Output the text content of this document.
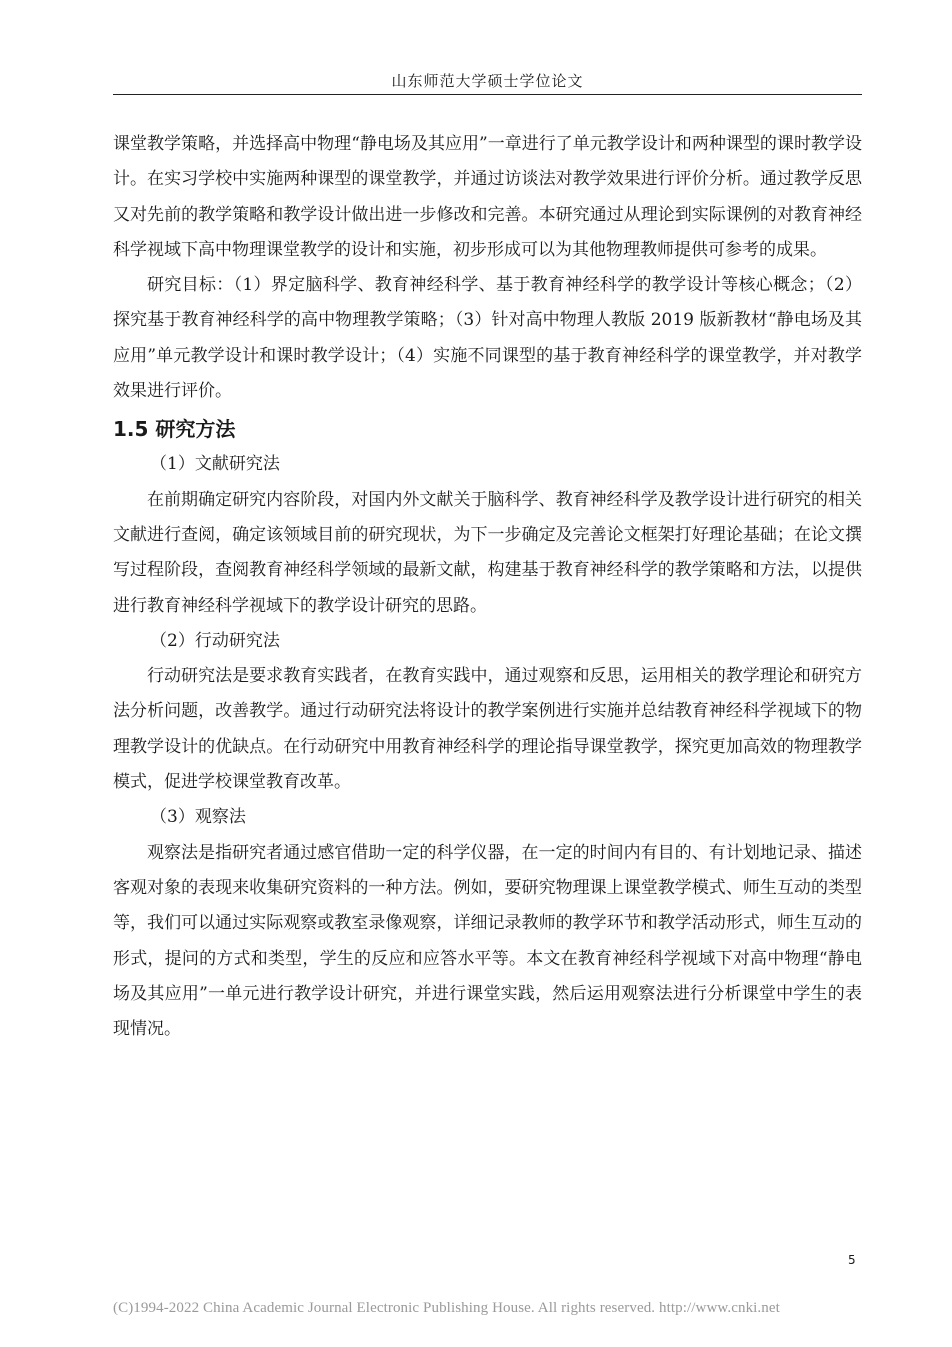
山东师范大学硕士学位论文

课堂教学策略，并选择高中物理“静电场及其应用”一章进行了单元教学设计和两种课型的课时教学设计。在实习学校中实施两种课型的课堂教学，并通过访谈法对教学效果进行评价分析。通过教学反思又对先前的教学策略和教学设计做出进一步修改和完善。本研究通过从理论到实际课例的对教育神经科学视域下高中物理课堂教学的设计和实施，初步形成可以为其他物理教师提供可参考的成果。

研究目标：（1）界定脑科学、教育神经科学、基于教育神经科学的教学设计等核心概念；（2）探究基于教育神经科学的高中物理教学策略；（3）针对高中物理人教版 2019 版新教材“静电场及其应用”单元教学设计和课时教学设计；（4）实施不同课型的基于教育神经科学的课堂教学，并对教学效果进行评价。

1.5 研究方法

（1）文献研究法

在前期确定研究内容阶段，对国内外文献关于脑科学、教育神经科学及教学设计进行研究的相关文献进行查阅，确定该领域目前的研究现状，为下一步确定及完善论文框架打好理论基础；在论文撰写过程阶段，查阅教育神经科学领域的最新文献，构建基于教育神经科学的教学策略和方法，以提供进行教育神经科学视域下的教学设计研究的思路。

（2）行动研究法

行动研究法是要求教育实践者，在教育实践中，通过观察和反思，运用相关的教学理论和研究方法分析问题，改善教学。通过行动研究法将设计的教学案例进行实施并总结教育神经科学视域下的物理教学设计的优缺点。在行动研究中用教育神经科学的理论指导课堂教学，探究更加高效的物理教学模式，促进学校课堂教育改革。

（3）观察法

观察法是指研究者通过感官借助一定的科学仪器，在一定的时间内有目的、有计划地记录、描述客观对象的表现来收集研究资料的一种方法。例如，要研究物理课上课堂教学模式、师生互动的类型等，我们可以通过实际观察或教室录像观察，详细记录教师的教学环节和教学活动形式，师生互动的形式，提问的方式和类型，学生的反应和应答水平等。本文在教育神经科学视域下对高中物理“静电场及其应用”一单元进行教学设计研究，并进行课堂实践，然后运用观察法进行分析课堂中学生的表现情况。

5
(C)1994-2022 China Academic Journal Electronic Publishing House. All rights reserved. http://www.cnki.net
